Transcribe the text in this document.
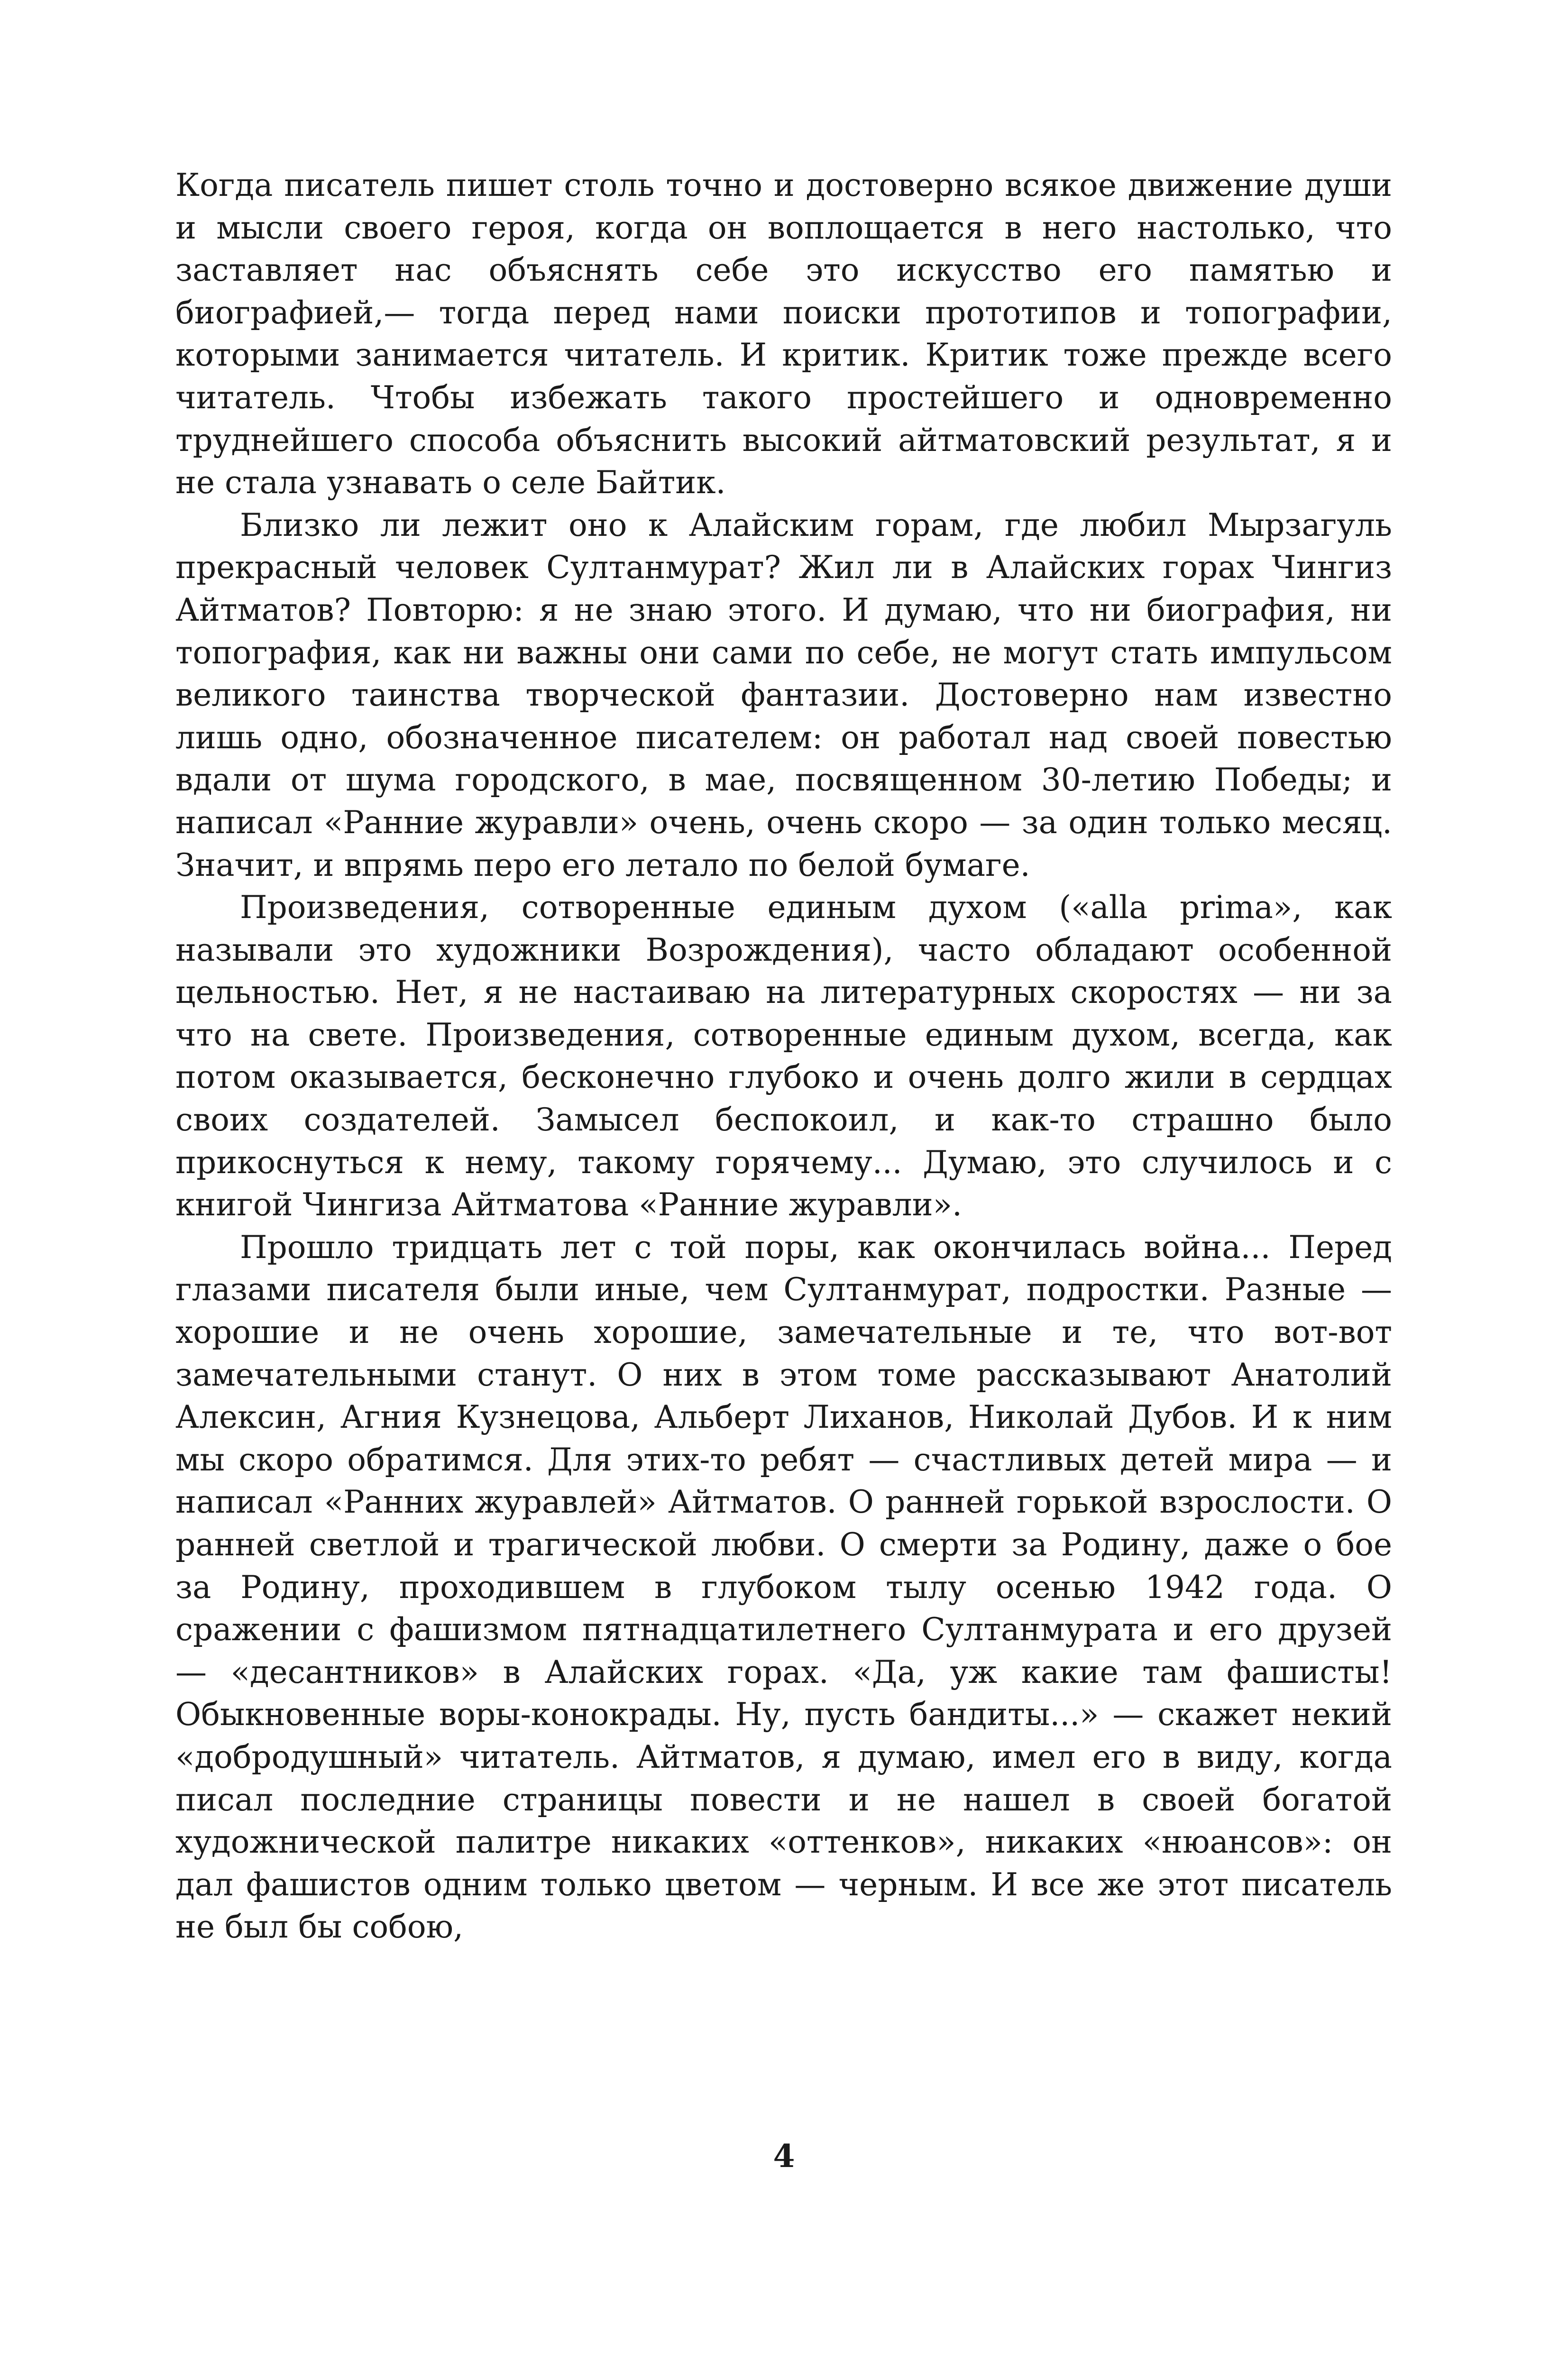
Когда писатель пишет столь точно и достоверно всякое движение души и мысли своего героя, когда он воплощается в него настолько, что заставляет нас объяснять себе это искусство его памятью и биографией,— тогда перед нами поиски прототипов и топографии, которыми занимается читатель. И критик. Критик тоже прежде всего читатель. Чтобы избежать такого простейшего и одновременно труднейшего способа объяснить высокий айтматовский результат, я и не стала узнавать о селе Байтик.

Близко ли лежит оно к Алайским горам, где любил Мырзагуль прекрасный человек Султанмурат? Жил ли в Алайских горах Чингиз Айтматов? Повторю: я не знаю этого. И думаю, что ни биография, ни топография, как ни важны они сами по себе, не могут стать импульсом великого таинства творческой фантазии. Достоверно нам известно лишь одно, обозначенное писателем: он работал над своей повестью вдали от шума городского, в мае, посвященном 30-летию Победы; и написал «Ранние журавли» очень, очень скоро — за один только месяц. Значит, и впрямь перо его летало по белой бумаге.

Произведения, сотворенные единым духом («alla prima», как называли это художники Возрождения), часто обладают особенной цельностью. Нет, я не настаиваю на литературных скоростях — ни за что на свете. Произведения, сотворенные единым духом, всегда, как потом оказывается, бесконечно глубоко и очень долго жили в сердцах своих создателей. Замысел беспокоил, и как-то страшно было прикоснуться к нему, такому горячему... Думаю, это случилось и с книгой Чингиза Айтматова «Ранние журавли».

Прошло тридцать лет с той поры, как окончилась война... Перед глазами писателя были иные, чем Султанмурат, подростки. Разные — хорошие и не очень хорошие, замечательные и те, что вот-вот замечательными станут. О них в этом томе рассказывают Анатолий Алексин, Агния Кузнецова, Альберт Лиханов, Николай Дубов. И к ним мы скоро обратимся. Для этих-то ребят — счастливых детей мира — и написал «Ранних журавлей» Айтматов. О ранней горькой взрослости. О ранней светлой и трагической любви. О смерти за Родину, даже о бое за Родину, проходившем в глубоком тылу осенью 1942 года. О сражении с фашизмом пятнадцатилетнего Султанмурата и его друзей — «десантников» в Алайских горах. «Да, уж какие там фашисты! Обыкновенные воры-конокрады. Ну, пусть бандиты...» — скажет некий «добродушный» читатель. Айтматов, я думаю, имел его в виду, когда писал последние страницы повести и не нашел в своей богатой художнической палитре никаких «оттенков», никаких «нюансов»: он дал фашистов одним только цветом — черным. И все же этот писатель не был бы собою,

4
